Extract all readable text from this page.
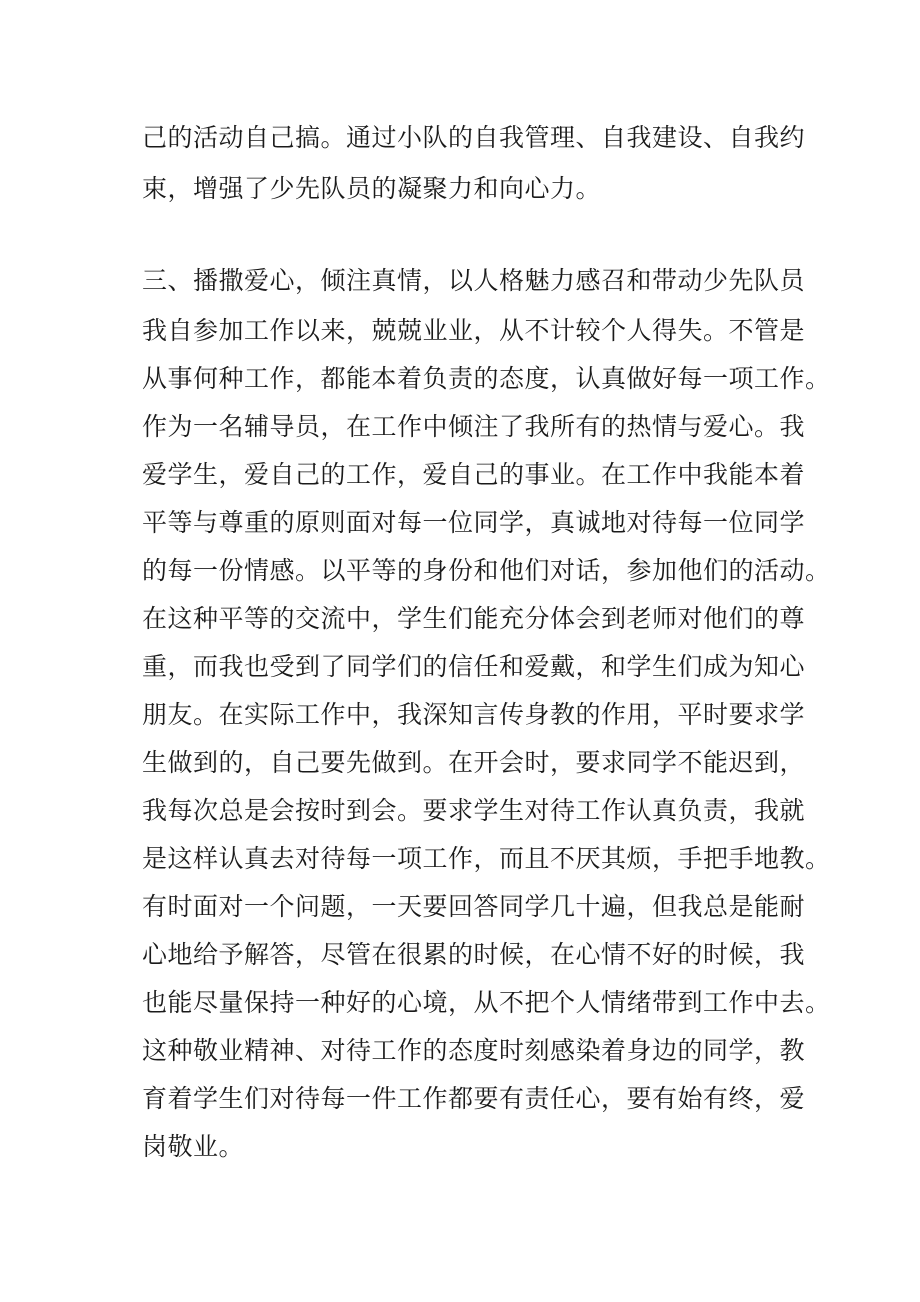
己的活动自己搞。通过小队的自我管理、自我建设、自我约
束，增强了少先队员的凝聚力和向心力。
三、播撒爱心，倾注真情，以人格魅力感召和带动少先队员
我自参加工作以来，兢兢业业，从不计较个人得失。不管是
从事何种工作，都能本着负责的态度，认真做好每一项工作。
作为一名辅导员，在工作中倾注了我所有的热情与爱心。我
爱学生，爱自己的工作，爱自己的事业。在工作中我能本着
平等与尊重的原则面对每一位同学，真诚地对待每一位同学
的每一份情感。以平等的身份和他们对话，参加他们的活动。
在这种平等的交流中，学生们能充分体会到老师对他们的尊
重，而我也受到了同学们的信任和爱戴，和学生们成为知心
朋友。在实际工作中，我深知言传身教的作用，平时要求学
生做到的，自己要先做到。在开会时，要求同学不能迟到，
我每次总是会按时到会。要求学生对待工作认真负责，我就
是这样认真去对待每一项工作，而且不厌其烦，手把手地教。
有时面对一个问题，一天要回答同学几十遍，但我总是能耐
心地给予解答，尽管在很累的时候，在心情不好的时候，我
也能尽量保持一种好的心境，从不把个人情绪带到工作中去。
这种敬业精神、对待工作的态度时刻感染着身边的同学，教
育着学生们对待每一件工作都要有责任心，要有始有终，爱
岗敬业。
